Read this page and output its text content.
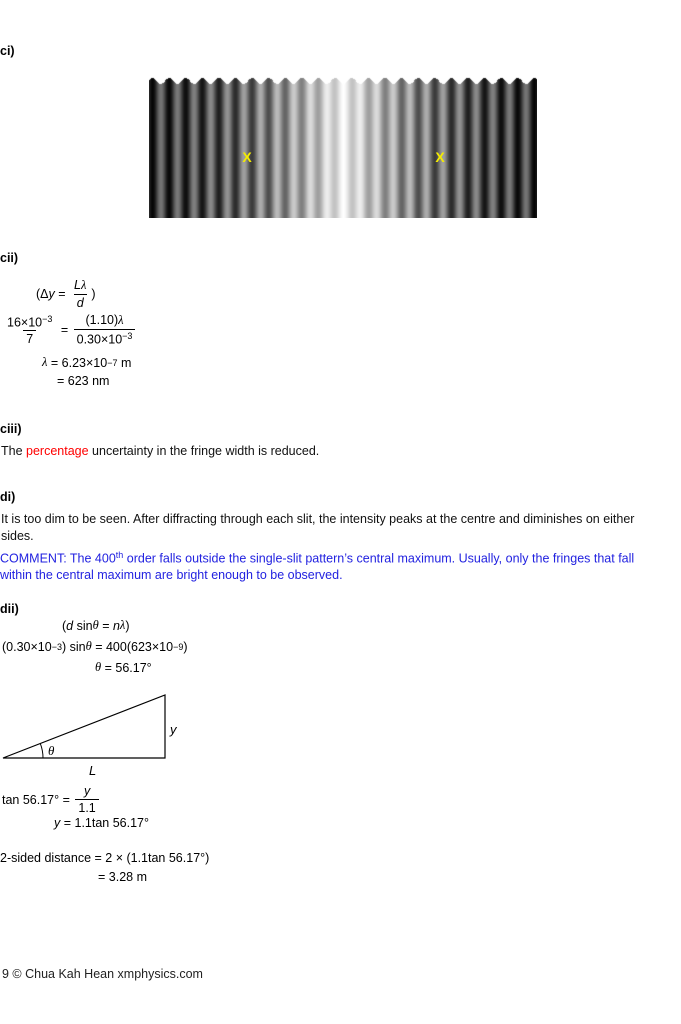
ci)
X	X
cii)
(Δ $y = \frac{L\lambda}{d}$ )
$\frac{16\times 10^{-3}}{7} = \frac{(1.10)\lambda}{0.30\times 10^{-3}}$
λ = 6.23×10 −7 m
= 623 nm
ciii)
The percentage uncertainty in the fringe width is reduced.
di)
It is too dim to be seen. After diffracting through each slit, the intensity peaks at the centre and diminishes on either
sides.
COMMENT: The 400th order falls outside the single-slit pattern’s central maximum. Usually, only the fringes that fall
within the central maximum are bright enough to be observed.
dii)
( d sin θ = n λ )
(0.30×10 −3 ) sin θ = 400(623×10 −9 )
θ = 56.17°
θ
y
L
$\tan 56.17^\circ = \frac{y}{1.1}$
y = 1.1tan 56.17°
2-sided distance = 2 × (1.1tan 56.17°)
= 3.28 m
9 © Chua Kah Hean xmphysics.com
